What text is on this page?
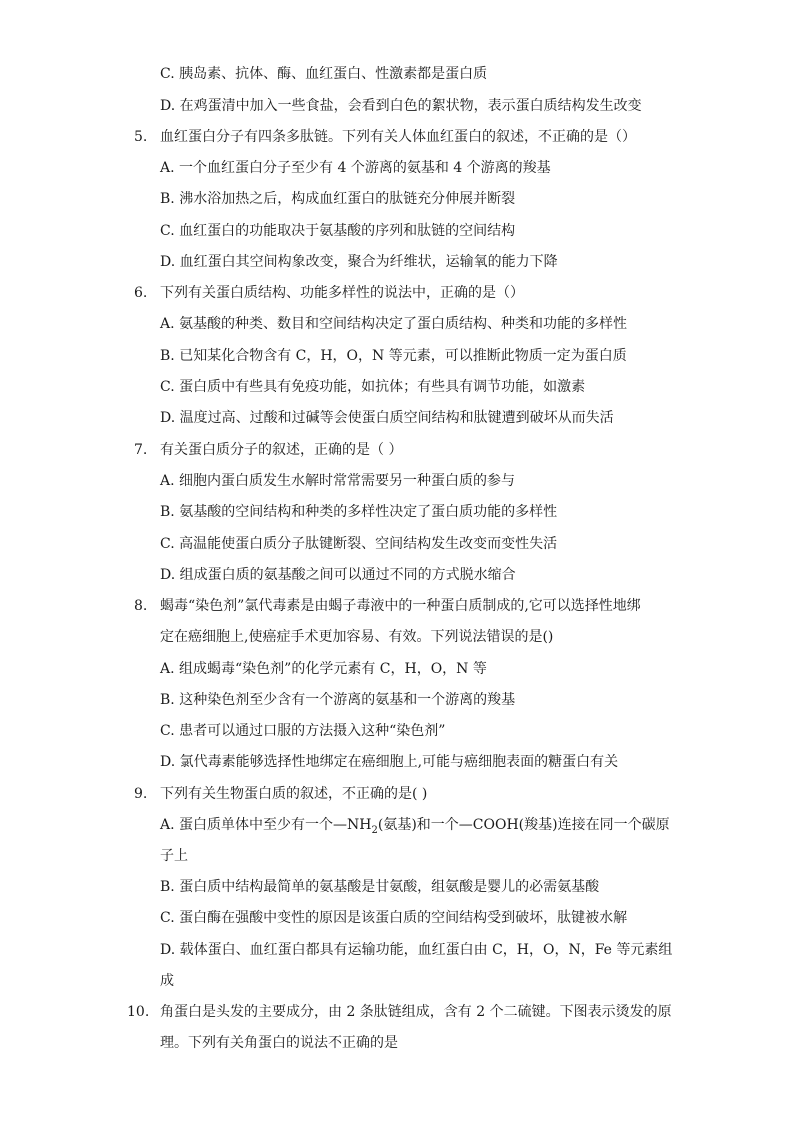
C. 胰岛素、抗体、酶、血红蛋白、性激素都是蛋白质
D. 在鸡蛋清中加入一些食盐，会看到白色的絮状物，表示蛋白质结构发生改变
5. 血红蛋白分子有四条多肽链。下列有关人体血红蛋白的叙述，不正确的是（）
A. 一个血红蛋白分子至少有 4 个游离的氨基和 4 个游离的羧基
B. 沸水浴加热之后，构成血红蛋白的肽链充分伸展并断裂
C. 血红蛋白的功能取决于氨基酸的序列和肽链的空间结构
D. 血红蛋白其空间构象改变，聚合为纤维状，运输氧的能力下降
6. 下列有关蛋白质结构、功能多样性的说法中，正确的是（）
A. 氨基酸的种类、数目和空间结构决定了蛋白质结构、种类和功能的多样性
B. 已知某化合物含有 C，H，O，N 等元素，可以推断此物质一定为蛋白质
C. 蛋白质中有些具有免疫功能，如抗体；有些具有调节功能，如激素
D. 温度过高、过酸和过碱等会使蛋白质空间结构和肽键遭到破坏从而失活
7. 有关蛋白质分子的叙述，正确的是（ ）
A. 细胞内蛋白质发生水解时常常需要另一种蛋白质的参与
B. 氨基酸的空间结构和种类的多样性决定了蛋白质功能的多样性
C. 高温能使蛋白质分子肽键断裂、空间结构发生改变而变性失活
D. 组成蛋白质的氨基酸之间可以通过不同的方式脱水缩合
8. 蝎毒“染色剂”氯代毒素是由蝎子毒液中的一种蛋白质制成的,它可以选择性地绑
定在癌细胞上,使癌症手术更加容易、有效。下列说法错误的是()
A. 组成蝎毒“染色剂”的化学元素有 C，H，O，N 等
B. 这种染色剂至少含有一个游离的氨基和一个游离的羧基
C. 患者可以通过口服的方法摄入这种“染色剂”
D. 氯代毒素能够选择性地绑定在癌细胞上,可能与癌细胞表面的糖蛋白有关
9. 下列有关生物蛋白质的叙述，不正确的是( )
A. 蛋白质单体中至少有一个$—NH_2$(氨基)和一个—COOH(羧基)连接在同一个碳原
子上
B. 蛋白质中结构最简单的氨基酸是甘氨酸，组氨酸是婴儿的必需氨基酸
C. 蛋白酶在强酸中变性的原因是该蛋白质的空间结构受到破坏，肽键被水解
D. 载体蛋白、血红蛋白都具有运输功能，血红蛋白由 C，H，O，N，Fe 等元素组
成
10. 角蛋白是头发的主要成分，由 2 条肽链组成，含有 2 个二硫键。下图表示烫发的原
理。下列有关角蛋白的说法不正确的是
